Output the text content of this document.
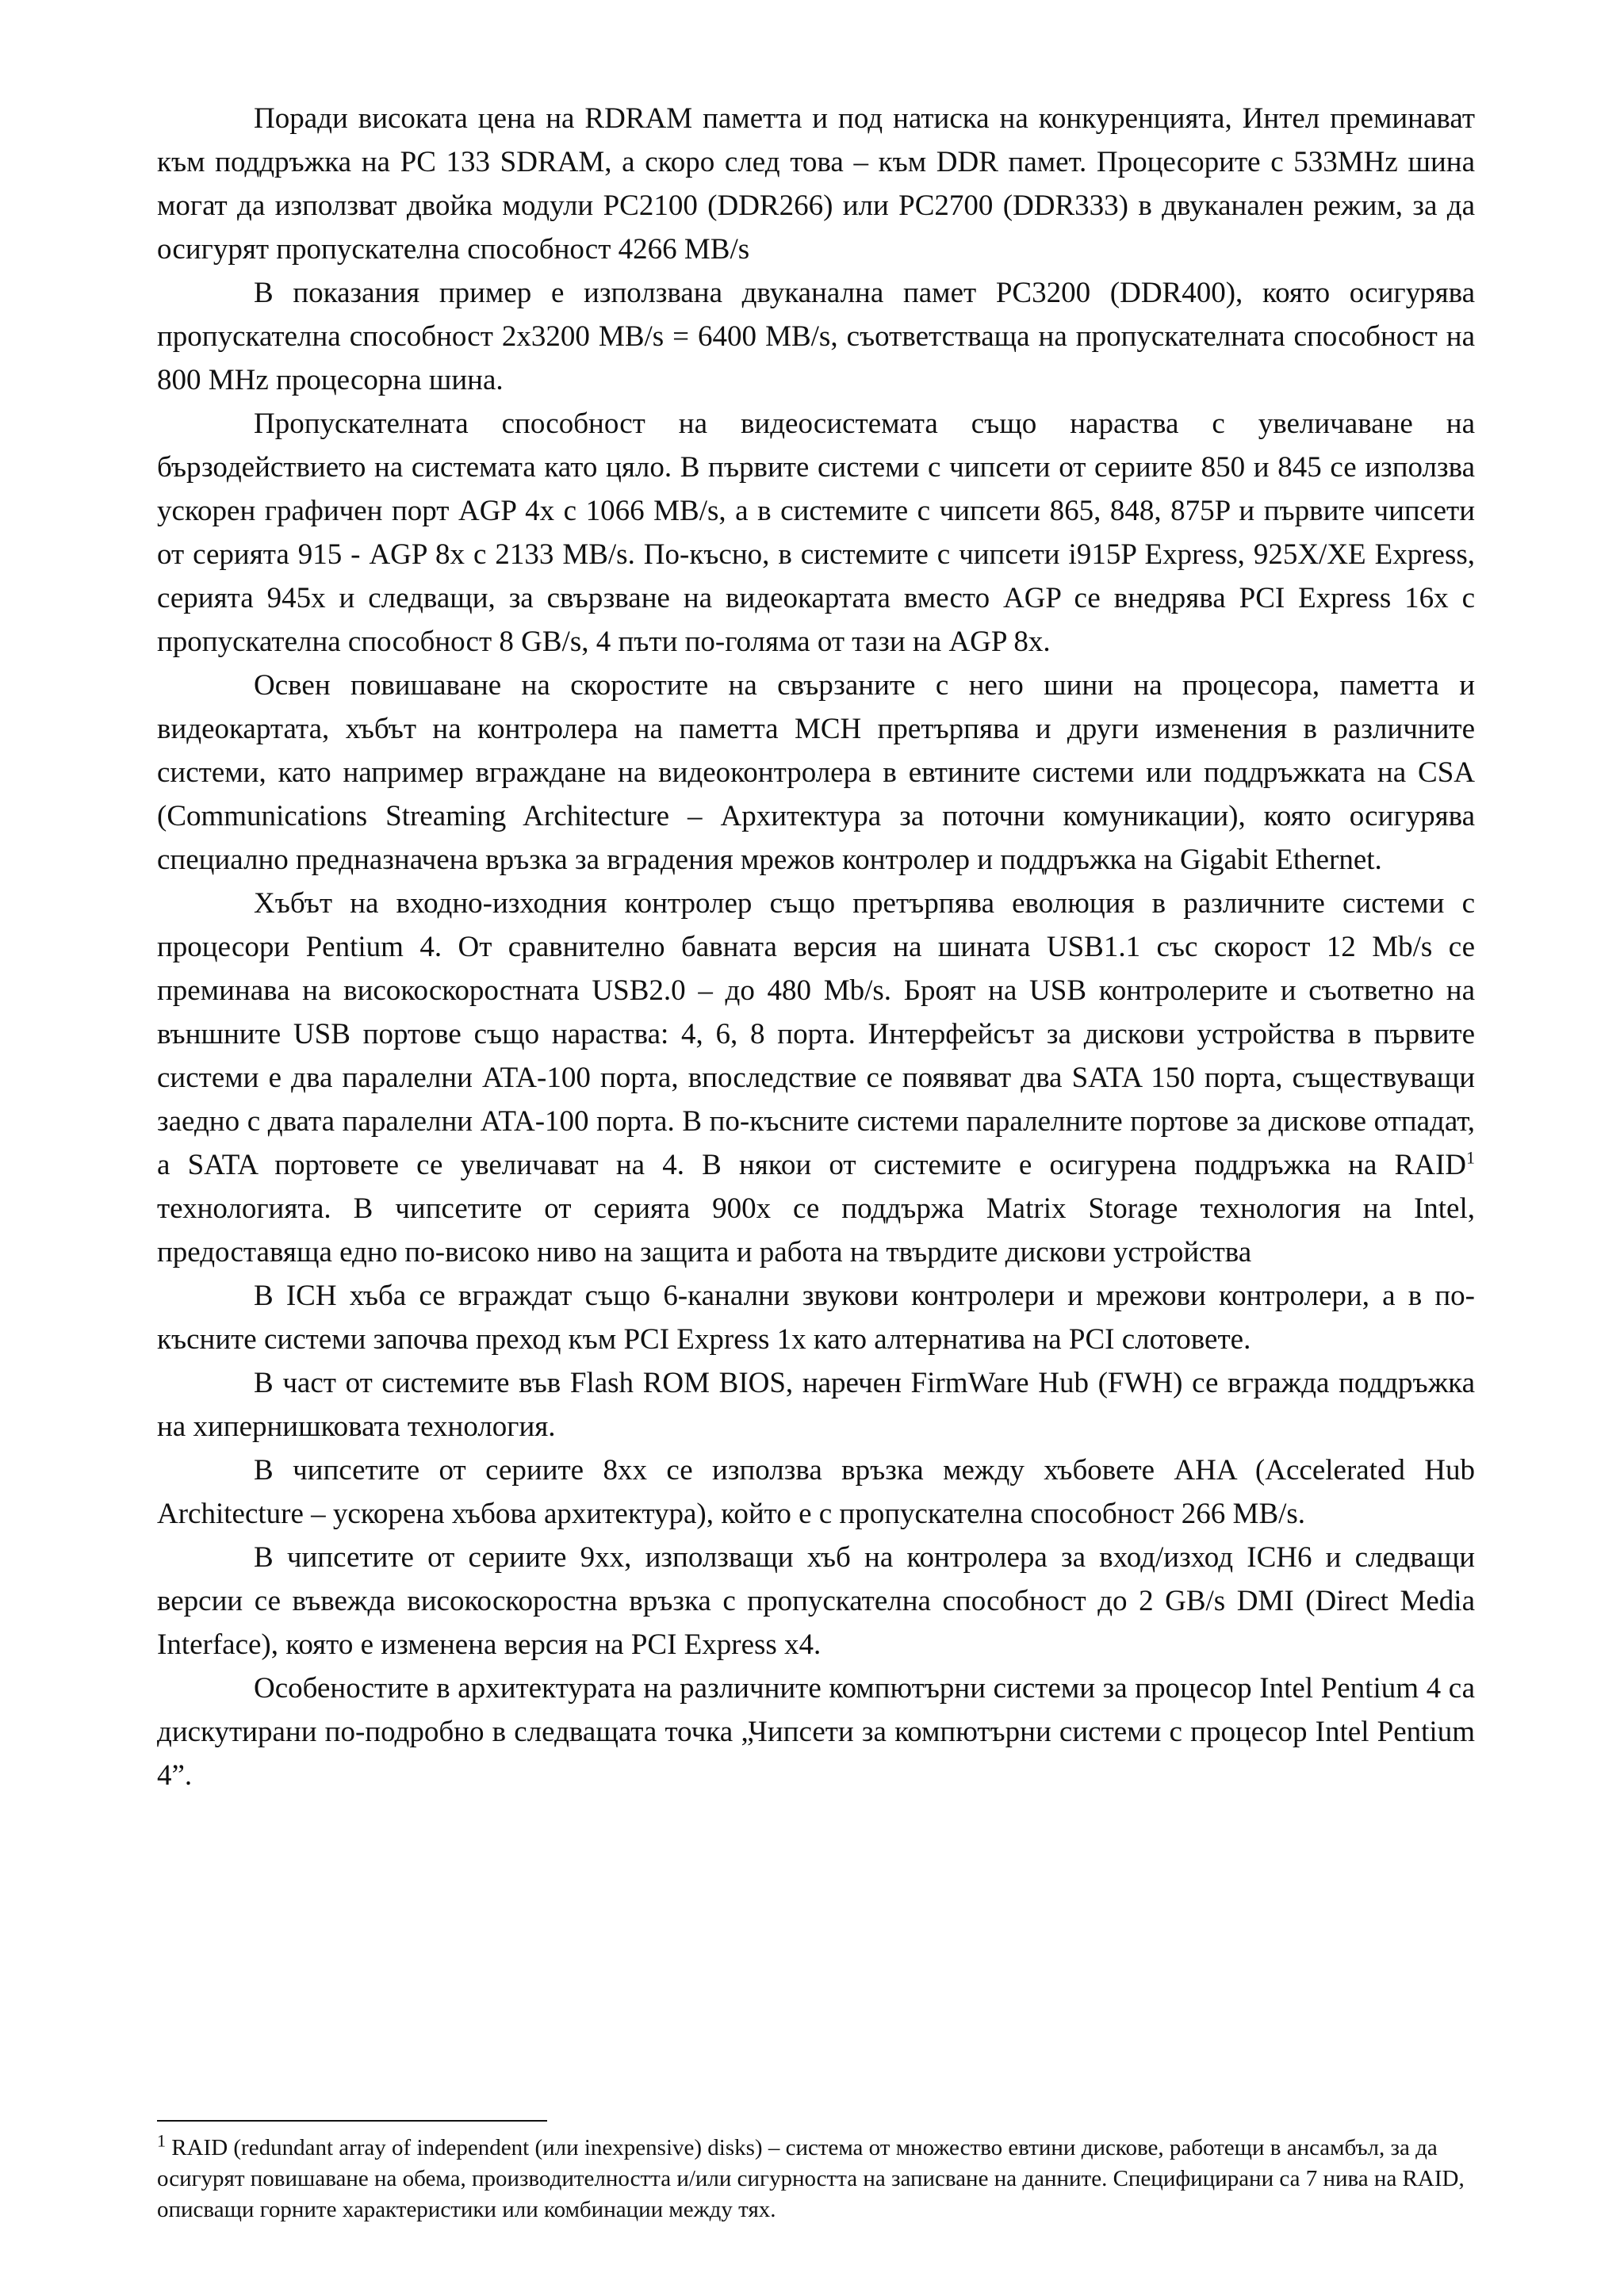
Поради високата цена на RDRAM паметта и под натиска на конкуренцията, Интел преминават към поддръжка на PC 133 SDRAM, а скоро след това – към DDR памет. Процесорите с 533MHz шина могат да използват двойка модули PC2100 (DDR266) или PC2700 (DDR333) в двуканален режим, за да осигурят пропускателна способност 4266 MB/s

В показания пример е използвана двуканална памет PC3200 (DDR400), която осигурява пропускателна способност 2x3200 MB/s = 6400 MB/s, съответстваща на пропускателната способност на 800 MHz процесорна шина.

Пропускателната способност на видеосистемата също нараства с увеличаване на бързодействието на системата като цяло. В първите системи с чипсети от сериите 850 и 845 се използва ускорен графичен порт AGP 4x с 1066 MB/s, а в системите с чипсети 865, 848, 875P и първите чипсети от серията 915 - AGP 8x с 2133 MB/s. По-късно, в системите с чипсети i915P Express, 925X/XE Express, серията 945x и следващи, за свързване на видеокартата вместо AGP се внедрява PCI Express 16x с пропускателна способност 8 GB/s, 4 пъти по-голяма от тази на AGP 8x.

Освен повишаване на скоростите на свързаните с него шини на процесора, паметта и видеокартата, хъбът на контролера на паметта MCH претърпява и други изменения в различните системи, като например вграждане на видеоконтролера в евтините системи или поддръжката на CSA (Communications Streaming Architecture – Архитектура за поточни комуникации), която осигурява специално предназначена връзка за вградения мрежов контролер и поддръжка на Gigabit Ethernet.

Хъбът на входно-изходния контролер също претърпява еволюция в различните системи с процесори Pentium 4. От сравнително бавната версия на шината USB1.1 със скорост 12 Mb/s се преминава на високоскоростната USB2.0 – до 480 Mb/s. Броят на USB контролерите и съответно на външните USB портове също нараства: 4, 6, 8 порта. Интерфейсът за дискови устройства в първите системи е два паралелни ATA-100 порта, впоследствие се появяват два SATA 150 порта, съществуващи заедно с двата паралелни ATA-100 порта. В по-късните системи паралелните портове за дискове отпадат, а SATA портовете се увеличават на 4. В някои от системите е осигурена поддръжка на RAID$^1$ технологията. В чипсетите от серията 900x се поддържа Matrix Storage технология на Intel, предоставяща едно по-високо ниво на защита и работа на твърдите дискови устройства

В ICH хъба се вграждат също 6-канални звукови контролери и мрежови контролери, а в по-късните системи започва преход към PCI Express 1x като алтернатива на PCI слотовете.

В част от системите във Flash ROM BIOS, наречен FirmWare Hub (FWH) се вгражда поддръжка на хипернишковата технология.

В чипсетите от сериите 8xx се използва връзка между хъбовете AHA (Accelerated Hub Architecture – ускорена хъбова архитектура), който е с пропускателна способност 266 MB/s.

В чипсетите от сериите 9xx, използващи хъб на контролера за вход/изход ICH6 и следващи версии се въвежда високоскоростна връзка с пропускателна способност до 2 GB/s DMI (Direct Media Interface), която е изменена версия на PCI Express x4.

Особеностите в архитектурата на различните компютърни системи за процесор Intel Pentium 4 са дискутирани по-подробно в следващата точка „Чипсети за компютърни системи с процесор Intel Pentium 4”.

$^1$ RAID (redundant array of independent (или inexpensive) disks) – система от множество евтини дискове, работещи в ансамбъл, за да осигурят повишаване на обема, производителността и/или сигурността на записване на данните. Специфицирани са 7 нива на RAID, описващи горните характеристики или комбинации между тях.
